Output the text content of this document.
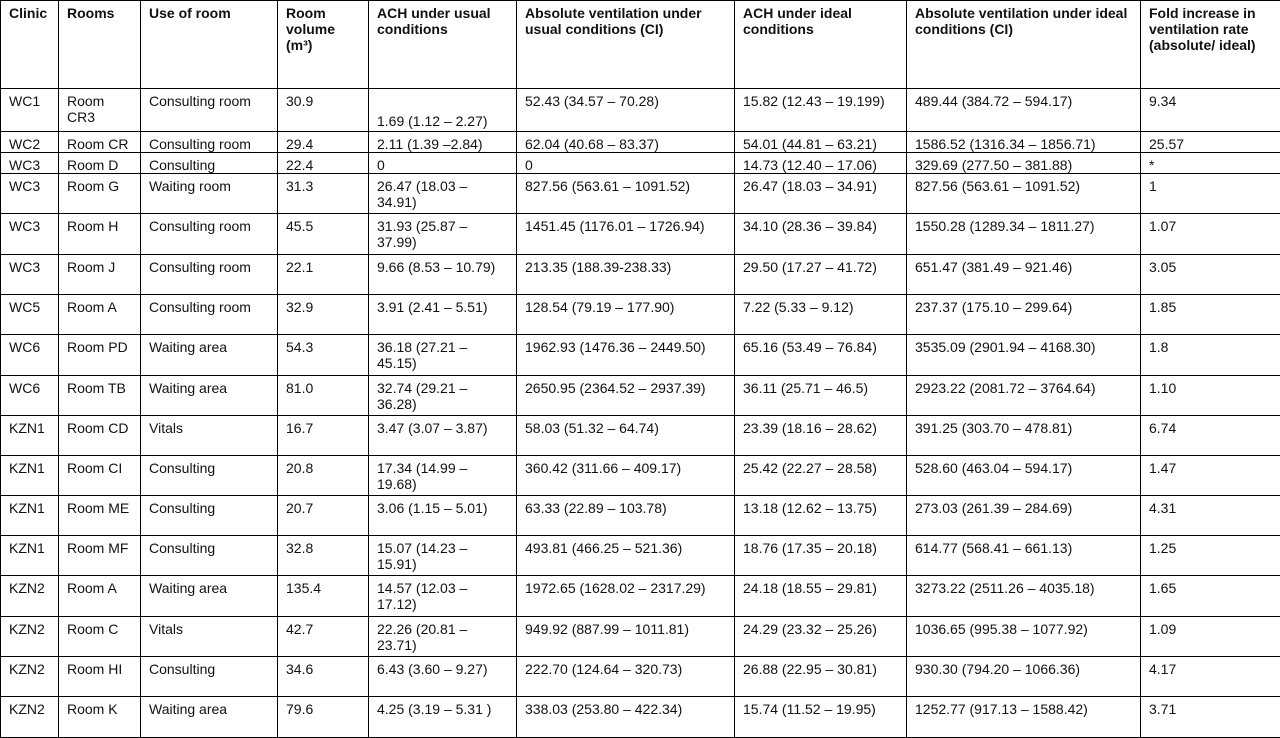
Clinic	Rooms	Use of room	Room volume (m³)	ACH under usual conditions	Absolute ventilation under usual conditions (CI)	ACH under ideal conditions	Absolute ventilation under ideal conditions (CI)	Fold increase in ventilation rate (absolute/ ideal)
WC1	Room CR3	Consulting room	30.9	1.69 (1.12 – 2.27)	52.43 (34.57 – 70.28)	15.82 (12.43 – 19.199)	489.44 (384.72 – 594.17)	9.34
WC2	Room CR	Consulting room	29.4	2.11 (1.39 –2.84)	62.04 (40.68 – 83.37)	54.01 (44.81 – 63.21)	1586.52 (1316.34 – 1856.71)	25.57
WC3	Room D	Consulting	22.4	0	0	14.73 (12.40 – 17.06)	329.69 (277.50 – 381.88)	*
WC3	Room G	Waiting room	31.3	26.47 (18.03 – 34.91)	827.56 (563.61 – 1091.52)	26.47 (18.03 – 34.91)	827.56 (563.61 – 1091.52)	1
WC3	Room H	Consulting room	45.5	31.93 (25.87 – 37.99)	1451.45 (1176.01 – 1726.94)	34.10 (28.36 – 39.84)	1550.28 (1289.34 – 1811.27)	1.07
WC3	Room J	Consulting room	22.1	9.66 (8.53 – 10.79)	213.35 (188.39-238.33)	29.50 (17.27 – 41.72)	651.47 (381.49 – 921.46)	3.05
WC5	Room A	Consulting room	32.9	3.91 (2.41 – 5.51)	128.54 (79.19 – 177.90)	7.22 (5.33 – 9.12)	237.37 (175.10 – 299.64)	1.85
WC6	Room PD	Waiting area	54.3	36.18 (27.21 – 45.15)	1962.93 (1476.36 – 2449.50)	65.16 (53.49 – 76.84)	3535.09 (2901.94 – 4168.30)	1.8
WC6	Room TB	Waiting area	81.0	32.74 (29.21 – 36.28)	2650.95 (2364.52 – 2937.39)	36.11 (25.71 – 46.5)	2923.22 (2081.72 – 3764.64)	1.10
KZN1	Room CD	Vitals	16.7	3.47 (3.07 – 3.87)	58.03 (51.32 – 64.74)	23.39 (18.16 – 28.62)	391.25 (303.70 – 478.81)	6.74
KZN1	Room CI	Consulting	20.8	17.34 (14.99 – 19.68)	360.42 (311.66 – 409.17)	25.42 (22.27 – 28.58)	528.60 (463.04 – 594.17)	1.47
KZN1	Room ME	Consulting	20.7	3.06 (1.15 – 5.01)	63.33 (22.89 – 103.78)	13.18 (12.62 – 13.75)	273.03 (261.39 – 284.69)	4.31
KZN1	Room MF	Consulting	32.8	15.07 (14.23 – 15.91)	493.81 (466.25 – 521.36)	18.76 (17.35 – 20.18)	614.77 (568.41 – 661.13)	1.25
KZN2	Room A	Waiting area	135.4	14.57 (12.03 – 17.12)	1972.65 (1628.02 – 2317.29)	24.18 (18.55 – 29.81)	3273.22 (2511.26 – 4035.18)	1.65
KZN2	Room C	Vitals	42.7	22.26 (20.81 – 23.71)	949.92 (887.99 – 1011.81)	24.29 (23.32 – 25.26)	1036.65 (995.38 – 1077.92)	1.09
KZN2	Room HI	Consulting	34.6	6.43 (3.60 – 9.27)	222.70 (124.64 – 320.73)	26.88 (22.95 – 30.81)	930.30 (794.20 – 1066.36)	4.17
KZN2	Room K	Waiting area	79.6	4.25 (3.19 – 5.31 )	338.03 (253.80 – 422.34)	15.74 (11.52 – 19.95)	1252.77 (917.13 – 1588.42)	3.71
